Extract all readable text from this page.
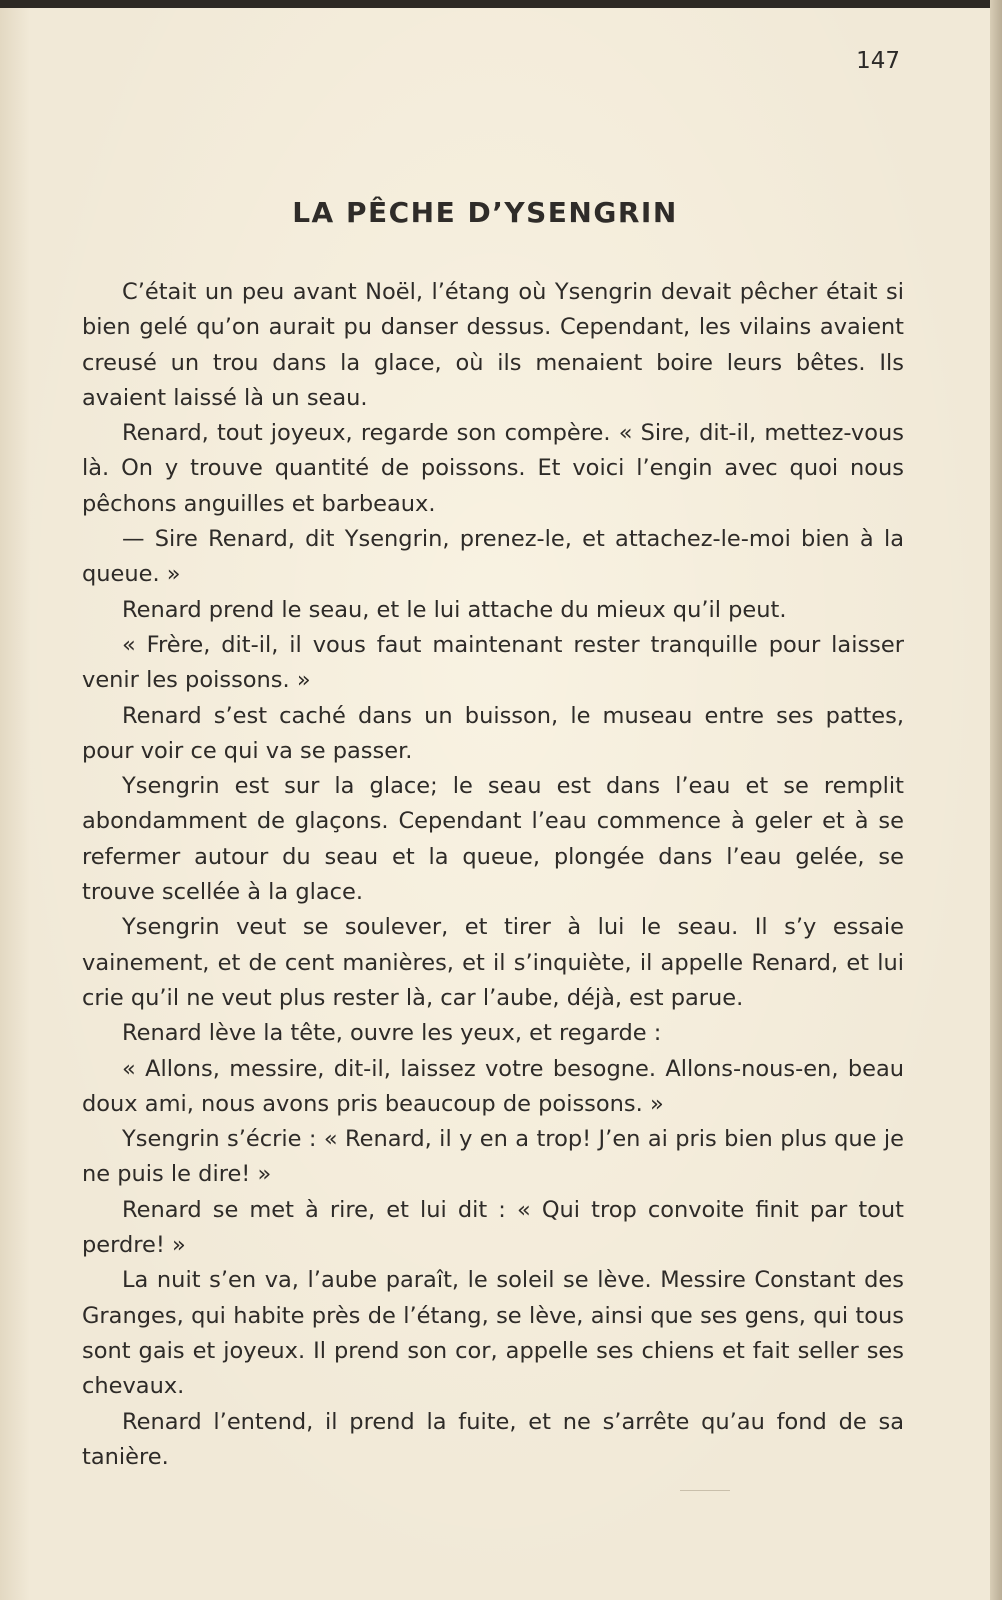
147
LA PÊCHE D’YSENGRIN

C’était un peu avant Noël, l’étang où Ysengrin devait pêcher était si bien gelé qu’on aurait pu danser dessus. Cependant, les vilains avaient creusé un trou dans la glace, où ils menaient boire leurs bêtes. Ils avaient laissé là un seau.

Renard, tout joyeux, regarde son compère. « Sire, dit-il, mettez-vous là. On y trouve quantité de poissons. Et voici l’engin avec quoi nous pêchons anguilles et barbeaux.

— Sire Renard, dit Ysengrin, prenez-le, et attachez-le-moi bien à la queue. »

Renard prend le seau, et le lui attache du mieux qu’il peut.

« Frère, dit-il, il vous faut maintenant rester tranquille pour laisser venir les poissons. »

Renard s’est caché dans un buisson, le museau entre ses pattes, pour voir ce qui va se passer.

Ysengrin est sur la glace; le seau est dans l’eau et se remplit abondamment de glaçons. Cependant l’eau commence à geler et à se refermer autour du seau et la queue, plongée dans l’eau gelée, se trouve scellée à la glace.

Ysengrin veut se soulever, et tirer à lui le seau. Il s’y essaie vainement, et de cent manières, et il s’inquiète, il appelle Renard, et lui crie qu’il ne veut plus rester là, car l’aube, déjà, est parue.

Renard lève la tête, ouvre les yeux, et regarde :

« Allons, messire, dit-il, laissez votre besogne. Allons-nous-en, beau doux ami, nous avons pris beaucoup de poissons. »

Ysengrin s’écrie : « Renard, il y en a trop! J’en ai pris bien plus que je ne puis le dire! »

Renard se met à rire, et lui dit : « Qui trop convoite finit par tout perdre! »

La nuit s’en va, l’aube paraît, le soleil se lève. Messire Constant des Granges, qui habite près de l’étang, se lève, ainsi que ses gens, qui tous sont gais et joyeux. Il prend son cor, appelle ses chiens et fait seller ses chevaux.

Renard l’entend, il prend la fuite, et ne s’arrête qu’au fond de sa tanière.
